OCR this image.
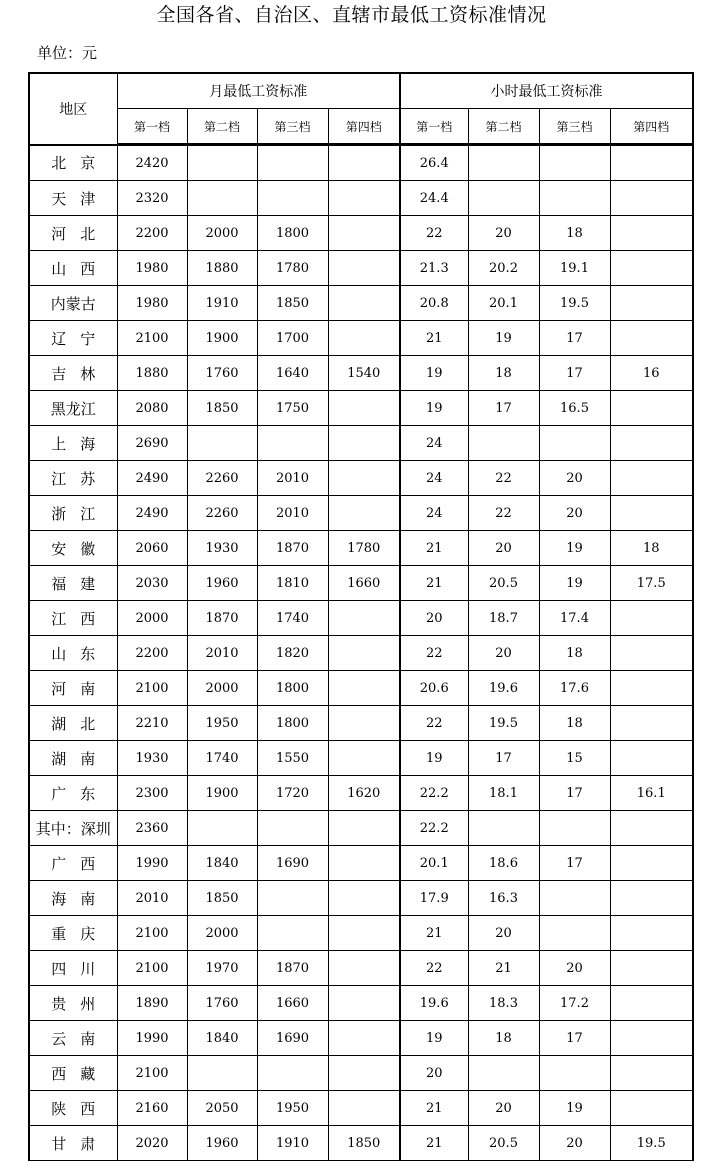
全国各省、自治区、直辖市最低工资标准情况
单位：元
地区	月最低工资标准				小时最低工资标准			
	第一档	第二档	第三档	第四档	第一档	第二档	第三档	第四档
北京	2420				26.4			
天津	2320				24.4			
河北	2200	2000	1800		22	20	18	
山西	1980	1880	1780		21.3	20.2	19.1	
内蒙古	1980	1910	1850		20.8	20.1	19.5	
辽宁	2100	1900	1700		21	19	17	
吉林	1880	1760	1640	1540	19	18	17	16
黑龙江	2080	1850	1750		19	17	16.5	
上海	2690				24			
江苏	2490	2260	2010		24	22	20	
浙江	2490	2260	2010		24	22	20	
安徽	2060	1930	1870	1780	21	20	19	18
福建	2030	1960	1810	1660	21	20.5	19	17.5
江西	2000	1870	1740		20	18.7	17.4	
山东	2200	2010	1820		22	20	18	
河南	2100	2000	1800		20.6	19.6	17.6	
湖北	2210	1950	1800		22	19.5	18	
湖南	1930	1740	1550		19	17	15	
广东	2300	1900	1720	1620	22.2	18.1	17	16.1
其中：深圳	2360				22.2			
广西	1990	1840	1690		20.1	18.6	17	
海南	2010	1850			17.9	16.3		
重庆	2100	2000			21	20		
四川	2100	1970	1870		22	21	20	
贵州	1890	1760	1660		19.6	18.3	17.2	
云南	1990	1840	1690		19	18	17	
西藏	2100				20			
陕西	2160	2050	1950		21	20	19	
甘肃	2020	1960	1910	1850	21	20.5	20	19.5
